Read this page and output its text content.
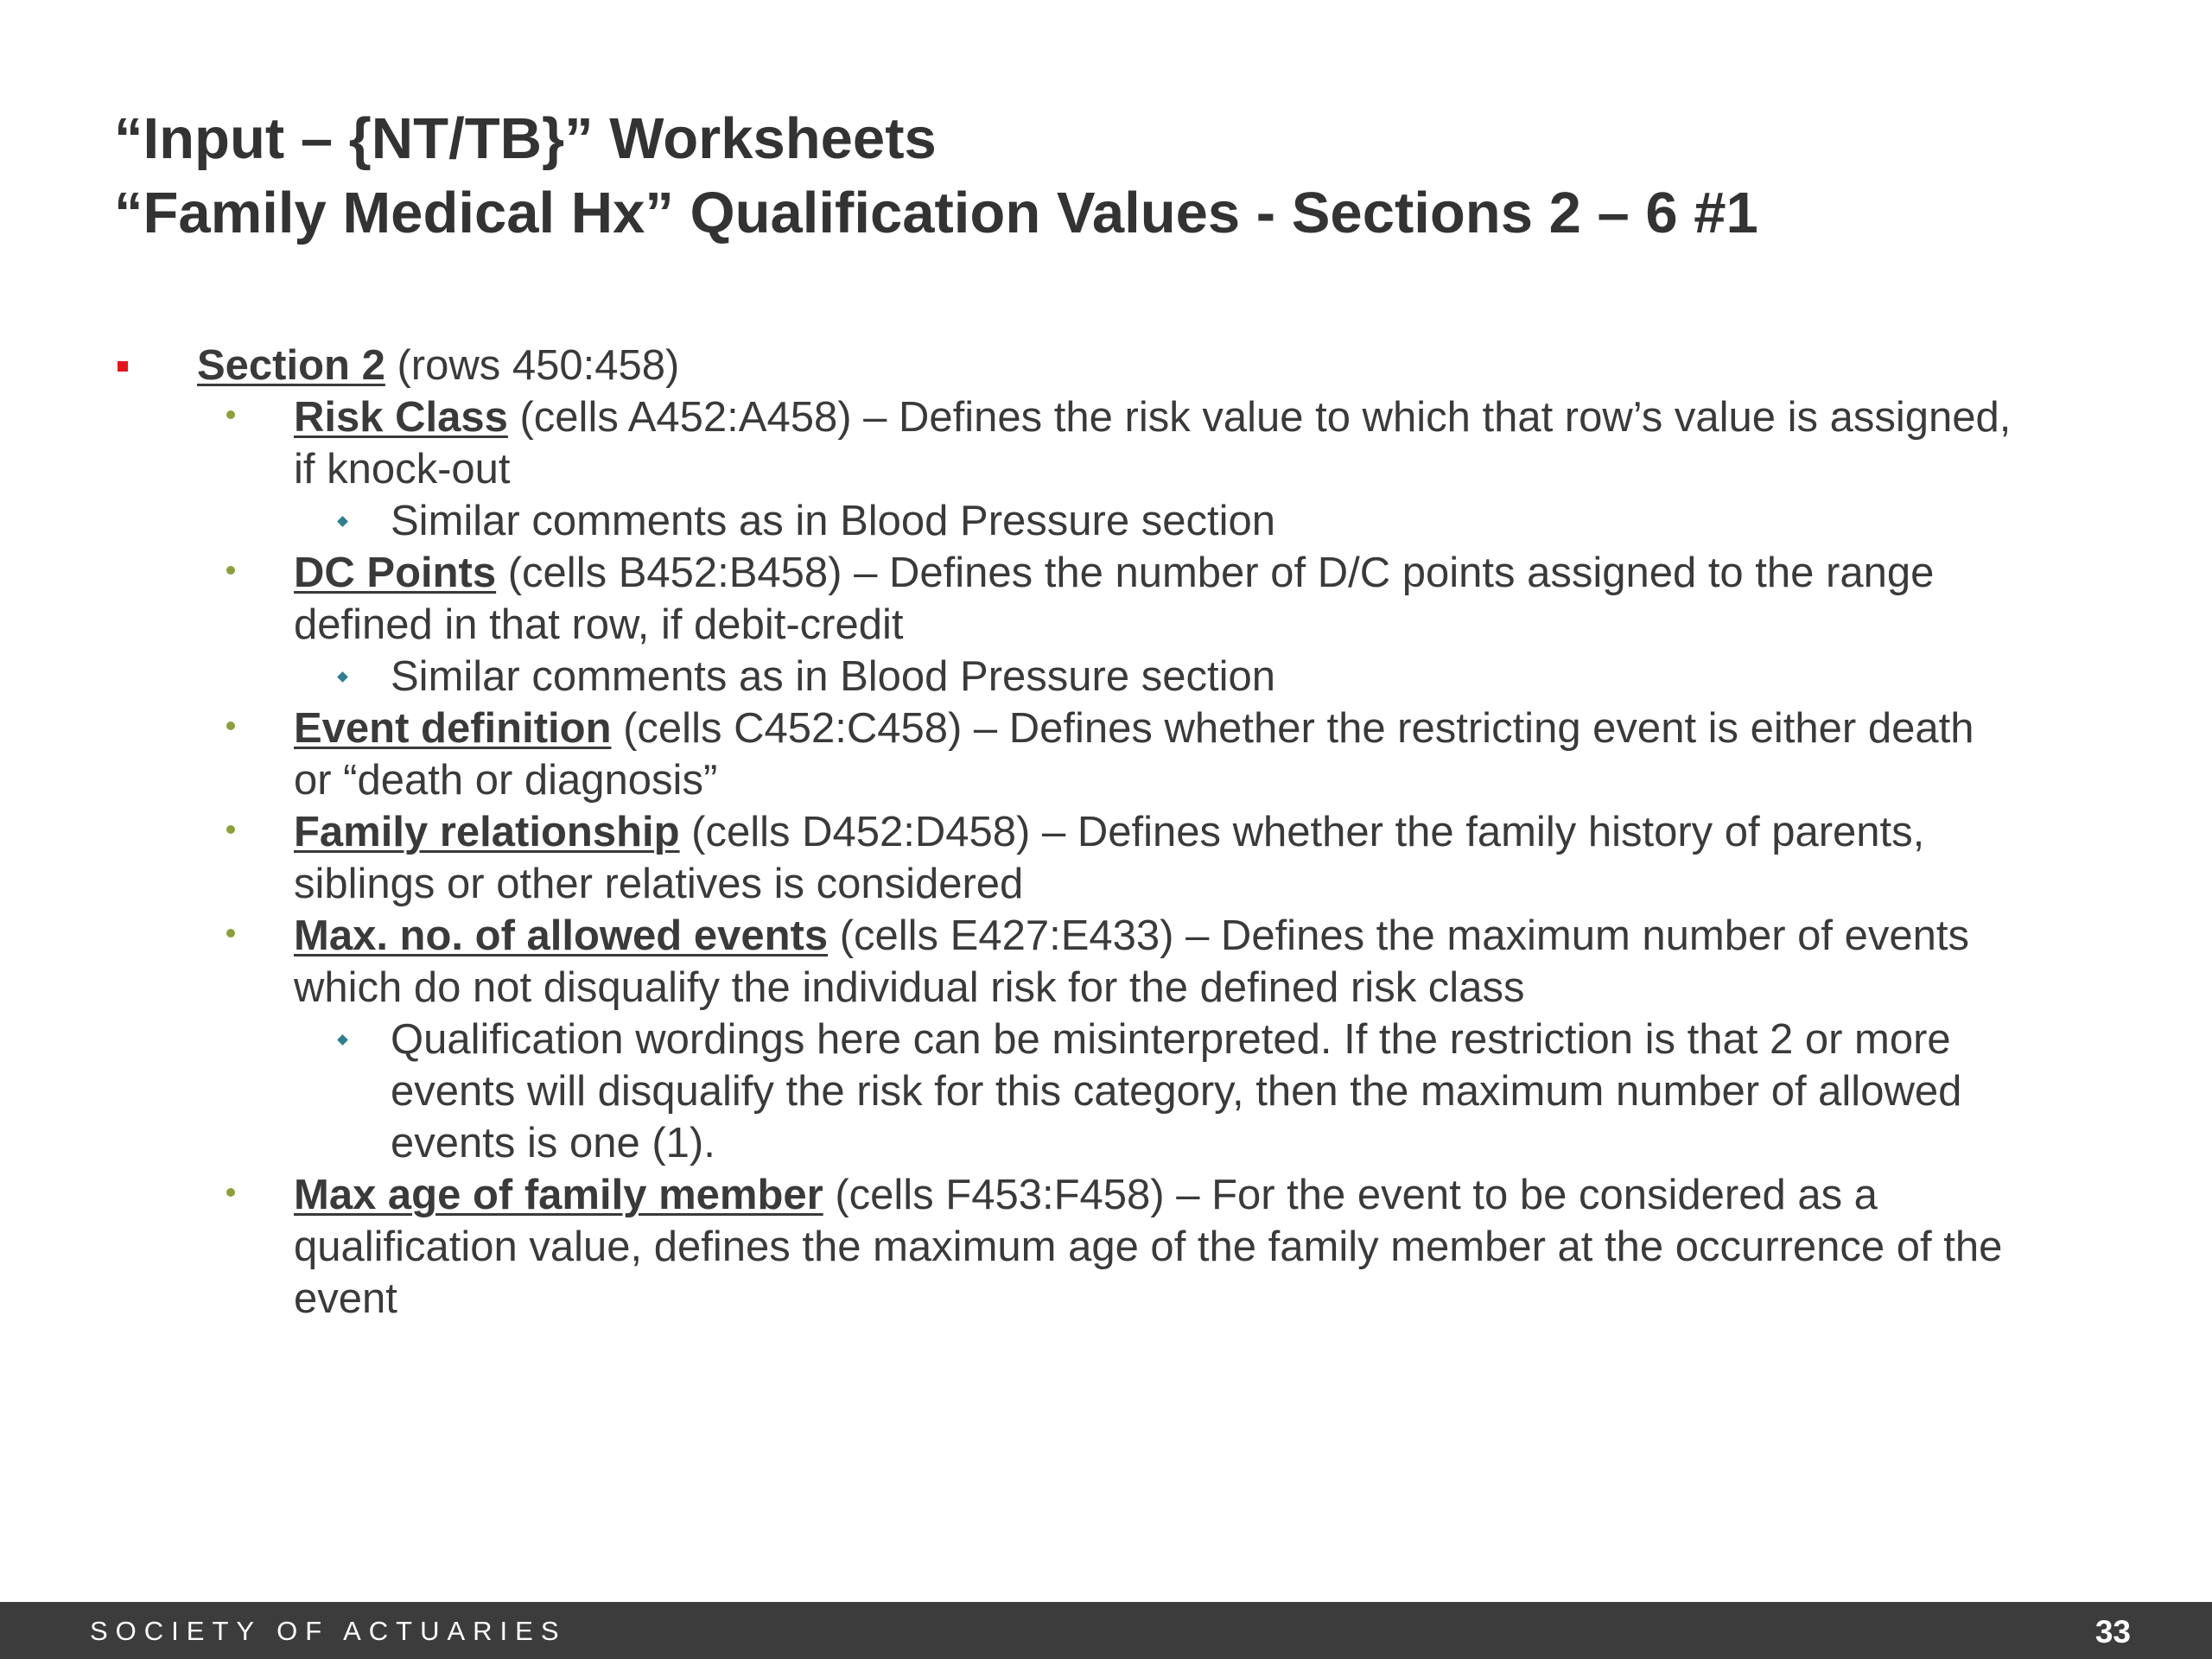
“Input – {NT/TB}” Worksheets
“Family Medical Hx” Qualification Values - Sections 2 – 6 #1
Section 2 (rows 450:458)
Risk Class (cells A452:A458) – Defines the risk value to which that row’s value is assigned, if knock-out
Similar comments as in Blood Pressure section
DC Points (cells B452:B458) – Defines the number of D/C points assigned to the range defined in that row, if debit-credit
Similar comments as in Blood Pressure section
Event definition (cells C452:C458) – Defines whether the restricting event is either death or “death or diagnosis”
Family relationship (cells D452:D458) – Defines whether the family history of parents, siblings or other relatives is considered
Max. no. of allowed events (cells E427:E433) – Defines the maximum number of events which do not disqualify the individual risk for the defined risk class
Qualification wordings here can be misinterpreted. If the restriction is that 2 or more events will disqualify the risk for this category, then the maximum number of allowed events is one (1).
Max age of family member (cells F453:F458) – For the event to be considered as a qualification value, defines the maximum age of the family member at the occurrence of the event
SOCIETY OF ACTUARIES	33
